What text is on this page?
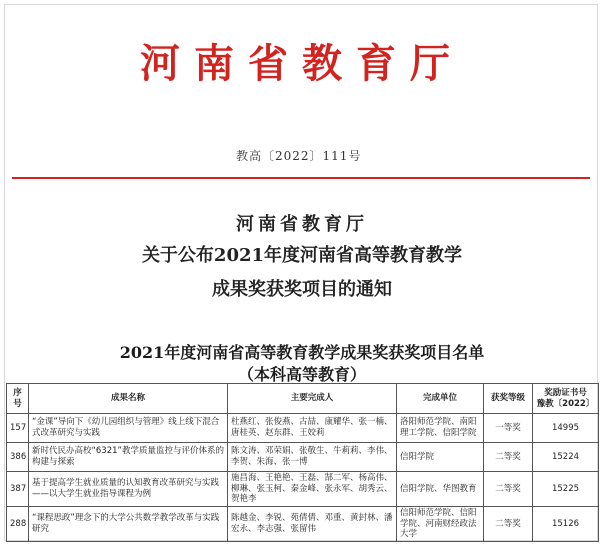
河南省教育厅
教高〔2022〕111号
河南省教育厅
关于公布2021年度河南省高等教育教学
成果奖获奖项目的通知
2021年度河南省高等教育教学成果奖获奖项目名单
（本科高等教育）
序号	成果名称	主要完成人	完成单位	获奖等级	奖励证书号
豫教〔2022〕

157	“金课”导向下《幼儿园组织与管理》线上线下混合式改革研究与实践	杜燕红、张俊燕、古喆、康耀华、张一楠、唐桂英、赵东群、王姣莉	洛阳师范学院、南阳理工学院、信阳学院	一等奖	14995
386	新时代民办高校“6321”教学质量监控与评价体系的构建与探索	陈文涛、邓荣娟、张敬生、牛莉莉、李伟、李贺、朱海、张一博	信阳学院	二等奖	15224
387	基于提高学生就业质量的认知教育改革研究与实践——以大学生就业指导课程为例	施昌海、王艳艳、王磊、郜二军、杨高伟、柳琳、张玉柯、秦金峰、张永军、胡秀云、贺艳李	信阳学院、华图教育	二等奖	15225
288	“课程思政”理念下的大学公共数学教学改革与实践研究	陈越金、李锐、苑倩倩、邓重、黄封林、潘宏永、李志强、张留伟	信阳师范学院、信阳学院、河南财经政法大学	二等奖	15126
